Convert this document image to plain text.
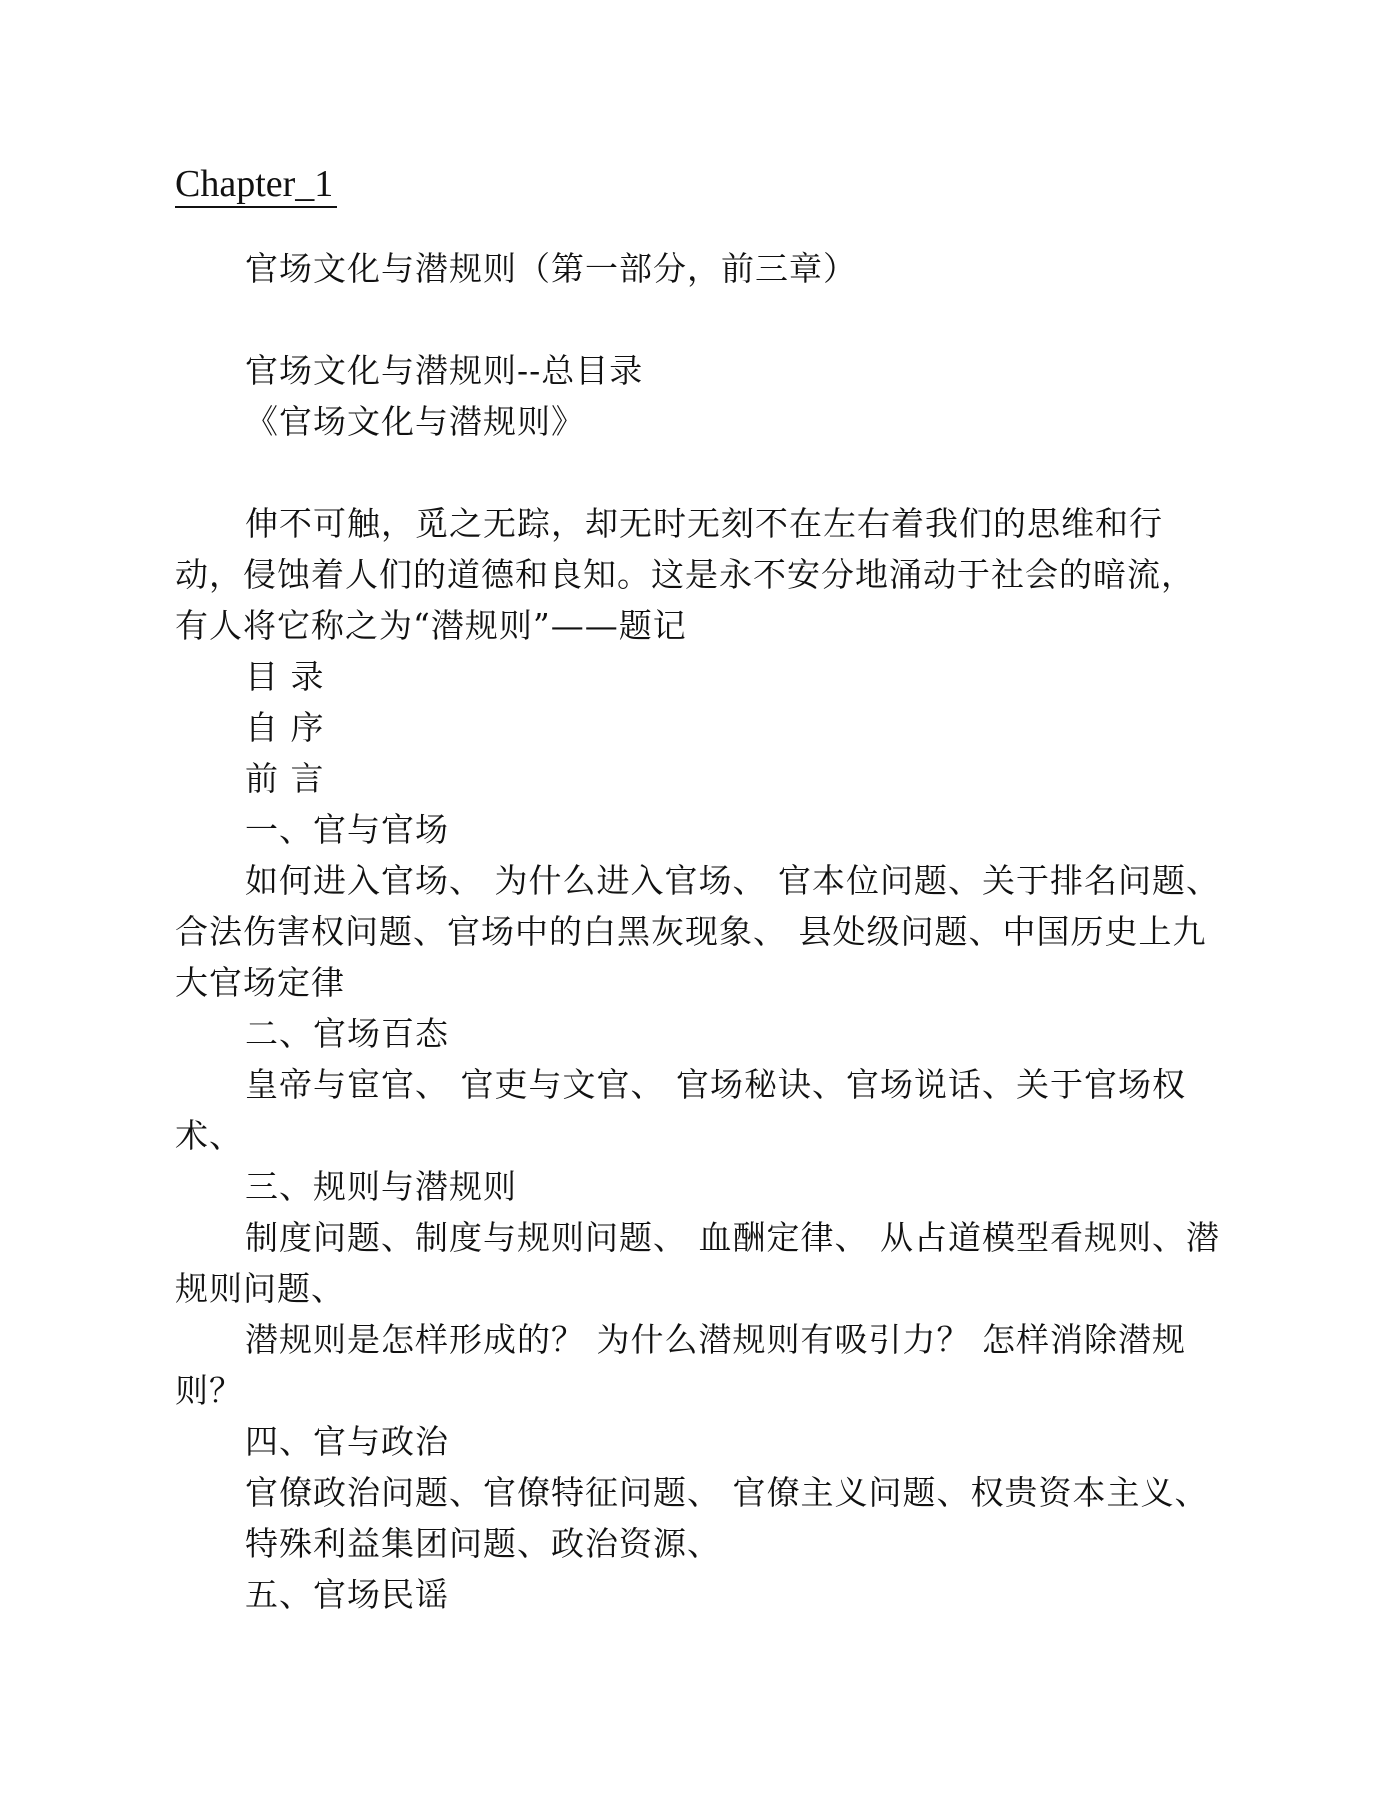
Chapter_1

官场文化与潜规则（第一部分，前三章）

官场文化与潜规则--总目录

《官场文化与潜规则》

伸不可触，觅之无踪，却无时无刻不在左右着我们的思维和行动，侵蚀着人们的道德和良知。这是永不安分地涌动于社会的暗流，有人将它称之为“潜规则”——题记

目 录

自 序

前 言

一、官与官场

如何进入官场、 为什么进入官场、 官本位问题、关于排名问题、合法伤害权问题、官场中的白黑灰现象、 县处级问题、中国历史上九大官场定律

二、官场百态

皇帝与宦官、 官吏与文官、 官场秘诀、官场说话、关于官场权术、

三、规则与潜规则

制度问题、制度与规则问题、 血酬定律、 从占道模型看规则、潜规则问题、

潜规则是怎样形成的？ 为什么潜规则有吸引力？ 怎样消除潜规则？

四、官与政治

官僚政治问题、官僚特征问题、 官僚主义问题、权贵资本主义、

特殊利益集团问题、政治资源、

五、官场民谣
